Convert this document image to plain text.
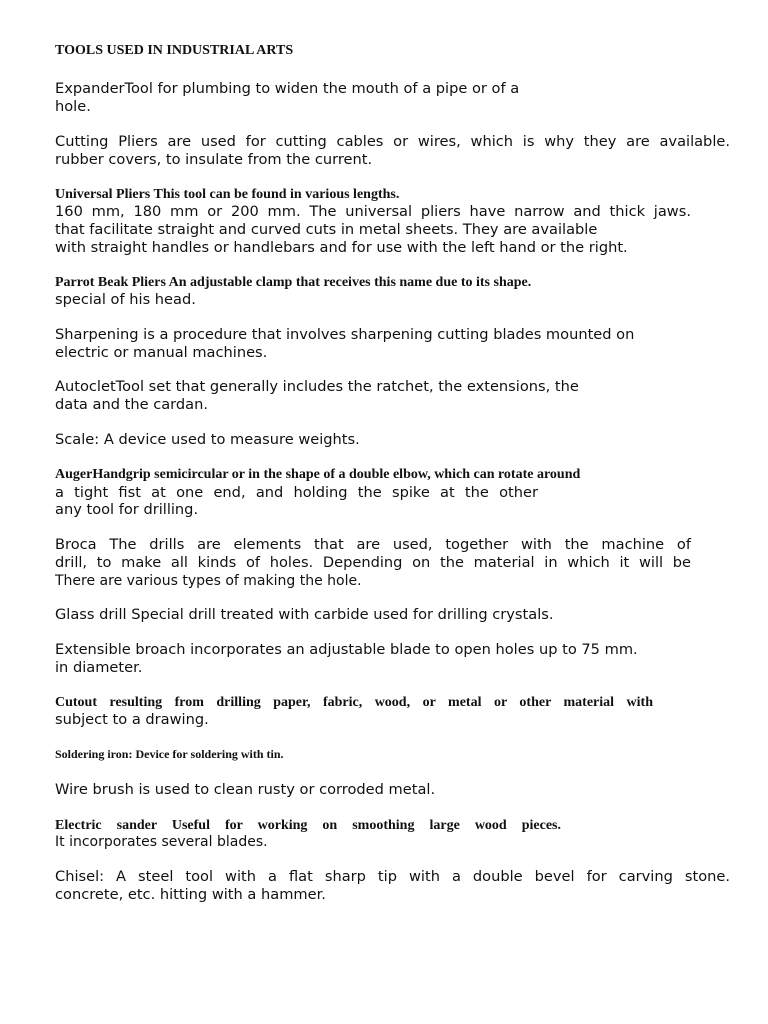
TOOLS USED IN INDUSTRIAL ARTS
ExpanderTool for plumbing to widen the mouth of a pipe or of a
hole.
Cutting Pliers are used for cutting cables or wires, which is why they are available.
rubber covers, to insulate from the current.
Universal Pliers This tool can be found in various lengths.
160 mm, 180 mm or 200 mm. The universal pliers have narrow and thick jaws.
that facilitate straight and curved cuts in metal sheets. They are available
with straight handles or handlebars and for use with the left hand or the right.
Parrot Beak Pliers An adjustable clamp that receives this name due to its shape.
special of his head.
Sharpening is a procedure that involves sharpening cutting blades mounted on
electric or manual machines.
AutocletTool set that generally includes the ratchet, the extensions, the
data and the cardan.
Scale: A device used to measure weights.
AugerHandgrip semicircular or in the shape of a double elbow, which can rotate around
a tight fist at one end, and holding the spike at the other
any tool for drilling.
Broca The drills are elements that are used, together with the machine of
drill, to make all kinds of holes. Depending on the material in which it will be
There are various types of making the hole.
Glass drill Special drill treated with carbide used for drilling crystals.
Extensible broach incorporates an adjustable blade to open holes up to 75 mm.
in diameter.
Cutout resulting from drilling paper, fabric, wood, or metal or other material with
subject to a drawing.
Soldering iron: Device for soldering with tin.
Wire brush is used to clean rusty or corroded metal.
Electric sander Useful for working on smoothing large wood pieces.
It incorporates several blades.
Chisel: A steel tool with a flat sharp tip with a double bevel for carving stone.
concrete, etc. hitting with a hammer.
